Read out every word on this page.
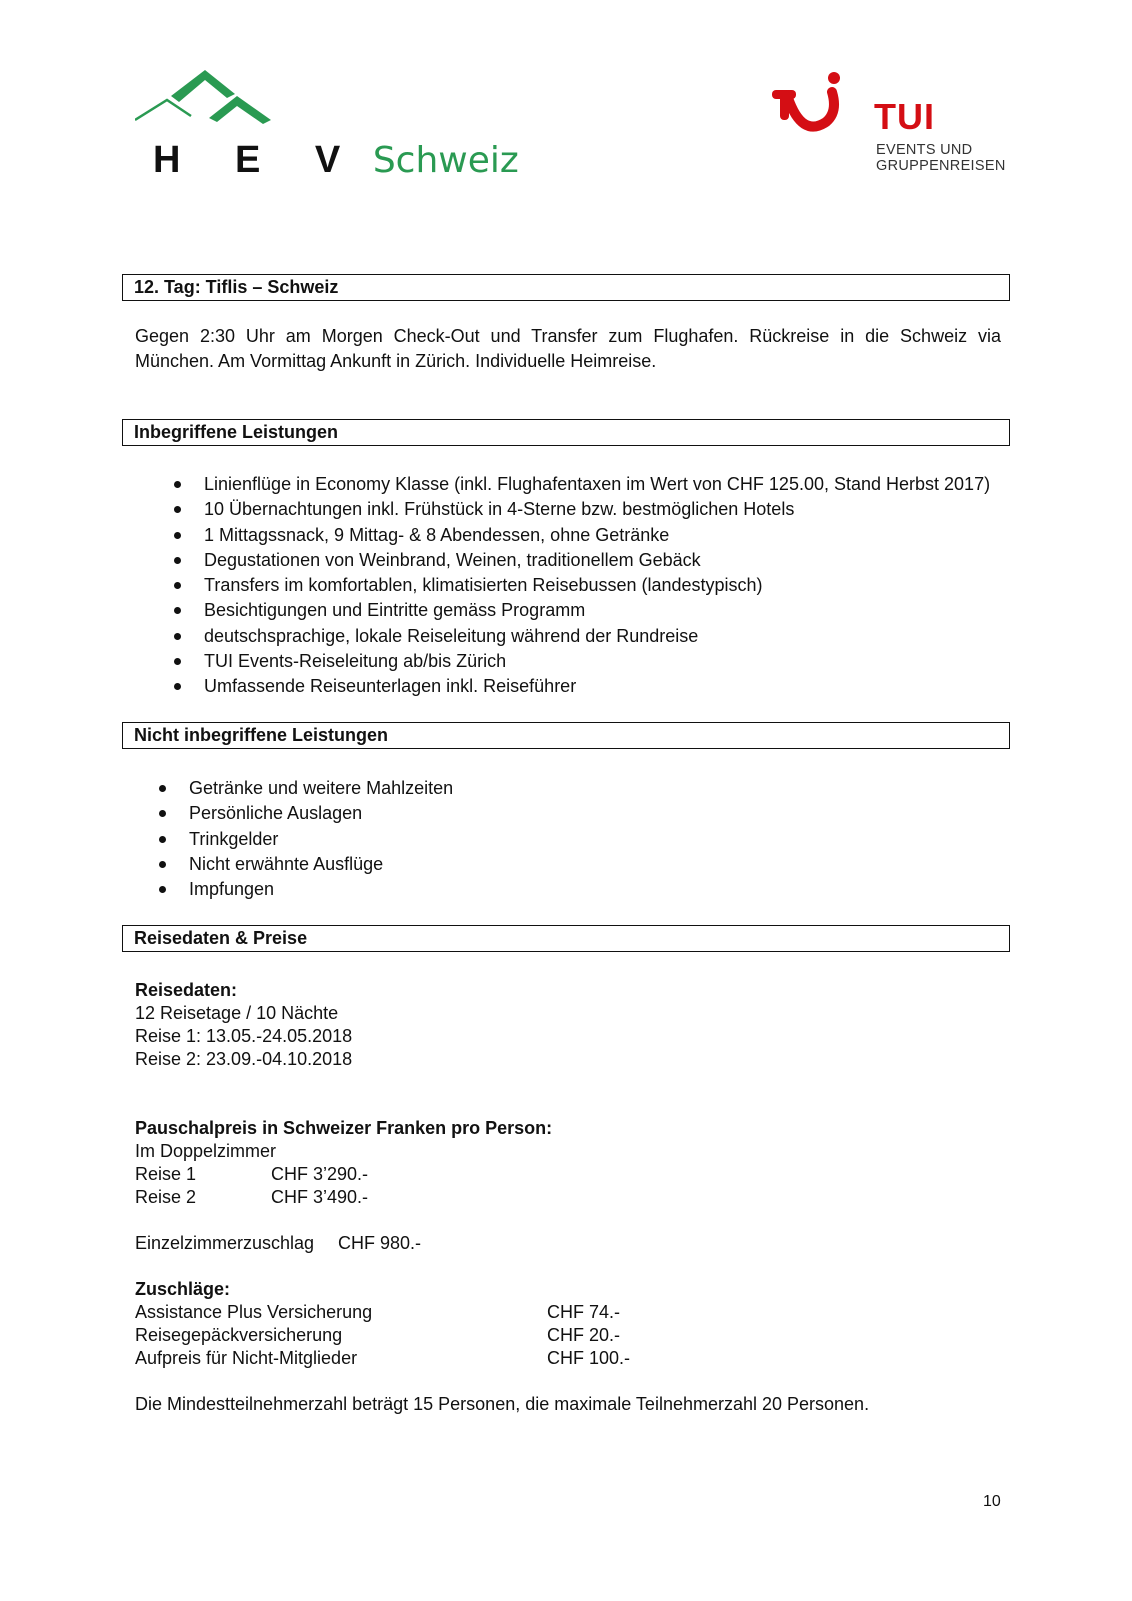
H E V Schweiz
TUI
EVENTS UND
GRUPPENREISEN
12. Tag: Tiflis – Schweiz
Gegen 2:30 Uhr am Morgen Check-Out und Transfer zum Flughafen. Rückreise in die Schweiz via München. Am Vormittag Ankunft in Zürich. Individuelle Heimreise.
Inbegriffene Leistungen
Linienflüge in Economy Klasse (inkl. Flughafentaxen im Wert von CHF 125.00, Stand Herbst 2017)
10 Übernachtungen inkl. Frühstück in 4-Sterne bzw. bestmöglichen Hotels
1 Mittagssnack, 9 Mittag- & 8 Abendessen, ohne Getränke
Degustationen von Weinbrand, Weinen, traditionellem Gebäck
Transfers im komfortablen, klimatisierten Reisebussen (landestypisch)
Besichtigungen und Eintritte gemäss Programm
deutschsprachige, lokale Reiseleitung während der Rundreise
TUI Events-Reiseleitung ab/bis Zürich
Umfassende Reiseunterlagen inkl. Reiseführer
Nicht inbegriffene Leistungen
Getränke und weitere Mahlzeiten
Persönliche Auslagen
Trinkgelder
Nicht erwähnte Ausflüge
Impfungen
Reisedaten & Preise
Reisedaten:
12 Reisetage / 10 Nächte
Reise 1: 13.05.-24.05.2018
Reise 2: 23.09.-04.10.2018
Pauschalpreis in Schweizer Franken pro Person:
Im Doppelzimmer
Reise 1	CHF 3’290.-
Reise 2	CHF 3’490.-
Einzelzimmerzuschlag CHF 980.-
Zuschläge:
Assistance Plus Versicherung	CHF 74.-
Reisegepäckversicherung	CHF 20.-
Aufpreis für Nicht-Mitglieder	CHF 100.-
Die Mindestteilnehmerzahl beträgt 15 Personen, die maximale Teilnehmerzahl 20 Personen.
10
